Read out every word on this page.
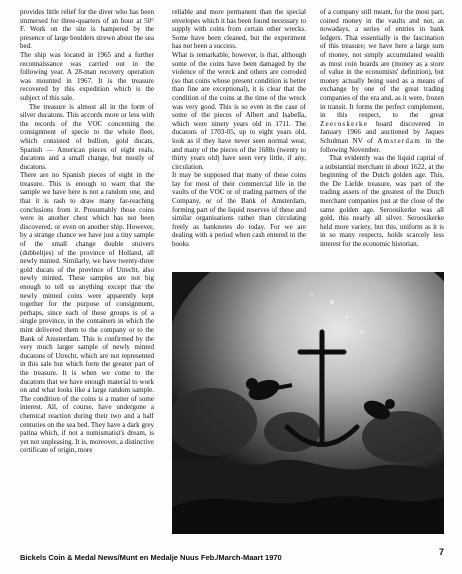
provides little relief for the diver who has been immersed for three-quarters of an hour at 50° F. Work on the site is hampered by the presence of large boulders strewn about the sea bed.

The ship was located in 1965 and a further reconnaissance was carried out in the following year. A 28-man recovery operation was mounted in 1967. It is the treasure recovered by this expedition which is the subject of this sale.

The treasure is almost all in the form of silver ducatons. This accords more or less with the records of the VOC concerning the consignment of specie to the whole fleet, which consisted of bullion, gold ducats, Spanish — American pieces of eight reals, ducatons and a small change, but mostly of ducatons.

There are no Spanish pieces of eight in the treasure. This is enough to warn that the sample we have here is not a random one, and that it is rash to draw many far-reaching conclusions from it. Presumably those coins were in another chest which has not been discovered, or even on another ship. However, by a strange chance we have just a tiny sample of the small change double stuivers (dubbeltjes) of the province of Holland, all newly minted. Similarly, we have twenty-three gold ducats of the province of Utrecht, also newly minted. These samples are not big enough to tell us anything except that the newly minted coins were apparently kept together for the purpose of consignment, perhaps, since each of these groups is of a single province, in the containers in which the mint delivered them to the company or to the Bank of Amsterdam. This is confirmed by the very much larger sample of newly minted ducatons of Utrecht, which are not represented in this sale but which form the greater part of the treasure. It is when we come to the ducatons that we have enough material to work on and what looks like a large random sample. The condition of the coins is a matter of some interest. All, of course, have undergone a chemical reaction during their two and a half centuries on the sea bed. They have a dark grey patina which, if not a numismatist's dream, is yet not unpleasing. It is, moreover, a distinctive certificate of origin, more

reliable and more permanent than the special envelopes which it has been found necessary to supply with coins from certain other wrecks. Some have been cleaned, but the experiment has not been a success.

What is remarkable, however, is that, although some of the coins have been damaged by the violence of the wreck and others are corroded (so that coins whose present condition is better than fine are exceptional), it is clear that the condition of the coins at the time of the wreck was very good. This is so even in the case of some of the pieces of Albert and Isabella, which were ninety years old in 1711. The ducatons of 1703-05, up to eight years old, look as if they have never seen normal wear, and many of the pieces of the 1680s (twenty to thirty years old) have seen very little, if any, circulation.

It may be supposed that many of these coins lay for most of their commercial life in the vaults of the VOC or of trading partners of the Company, or of the Bank of Amsterdam, forming part of the liquid reserves of these and similar organisations rather than circulating freely as banknotes do today. For we are dealing with a period when cash entered in the books

of a company still meant, for the most part, coined money in the vaults and not, as nowadays, a series of entries in bank ledgers. That essentially is the fascination of this treasure; we have here a large sum of money, not simply accumulated wealth as most coin hoards are (money as a store of value in the economists' definition), but money actually being used as a means of exchange by one of the great trading companies of the era and, as it were, frozen in transit. It forms the perfect complement, in this respect, to the great Zeeroskerke hoard discovered in January 1966 and auctioned by Jaques Schulman NV of Amsterdam in the following November.

That evidently was the liquid capital of a substantial merchant in about 1622, at the beginning of the Dutch golden age. This, the De Liefde treasure, was part of the trading assets of the greatest of the Dutch merchant companies just at the close of the same golden age. Seroosikerke was all gold, this nearly all silver. Seroosikerke held more variety, but this, uniform as it is in so many respects, holds scarcely less interest for the economic historian.

Bickels Coin & Medal News/Munt en Medalje Nuus Feb./March-Maart 1970
7
